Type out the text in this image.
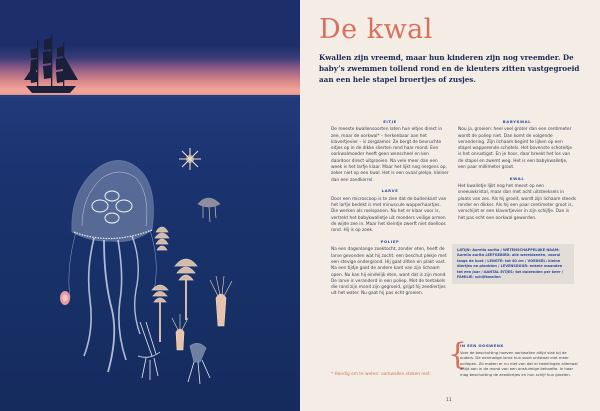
De kwal

Kwallen zijn vreemd, maar hun kinderen zijn nog vreemder. De baby’s zwemmen tollend rond en de kleuters zitten vastgegroeid aan een hele stapel broertjes of zusjes.

EITJE

De meeste kwallensoorten laten hun eitjes direct in zee, maar de oorkwal* – herkenbaar aan het klavertjevier – is zorgzamer. Ze bergt de bevruchte eitjes op in de dikke slierten rond haar mond. Een oorkwalmoeder heeft geen wenscheel en ken daardoor direct uitgroeien. Na vele meer dan een week is het larfje klaar. Maar het lijkt nog nergens op, zeker niet op een kwal. Het is een ovaal plekje, kleiner dan een zandkorrel.

LARVE

Door een microscoop is te zien dat de buitenkant van het larfje bedekt is met minuscule wapperhaartjes. Die werken als roeispanen. Nu het er klaar voor is, vertrekt het babykwalletje uit moeders veilige armen de wijde zee in. Maar het kleintje zwerft niet doelloos rond. Hij is op zoek.

POLIEP

Na een dagenlange zoektocht, zonder eten, heeft de larve gevonden wat hij zocht: een beschut plekje met een stevige ondergrond. Hij gaat zitten en plakt vast. Na een tijdje gaat de andere kant van zijn lichaam open. Nu kan hij eindelijk eten, want dat is zijn mond. De larve is veranderd in een poliep. Met de tentakels die rond zijn mond zijn gegroeid, grijpt hij zeediertjes uit het water. Nu gaat hij pas echt groeien.

BABYKWAL

Nou ja, groeien: heel veel groter dan een centimeter wordt de poliep niet. Dan komt de volgende verandering. Zijn lichaam begint te lijken op een stapel wapperende schotels. Het bovenste schoteltje is het onrustigst. En je hoor, daar breekt het los van de stapel en zwemt weg. Het is een babykwalletje, een paar millimeter groot.

KWAL

Het kwalletje lijkt nog het meest op een sneeuwkristal, maar dan met acht uitsteeksels in plaats van zes. Als hij groeit, wordt zijn lichaam steeds ronder en dikker. Als hij een paar centimeter groot is, verschijnt er een klavertjevier in zijn schijfje. Dan is het pas echt een oorkwal geworden.

LATIJN: Aurelia aurita / WETENSCHAPPELIJKE NAAM: Aurelia aurita LEEFGEBIED: alle wereldzeeën, vooral langs de kust / LENGTE: tot 40 cm / VOEDSEL: kleine diertjes en plankton / LEVENSDUUR: enkele maanden tot een jaar / AANTAL EITJES: tot duizenden per keer / FAMILIE: schijfkwallen

{
IN EEN OOGWENK

Voor de beschutting hoeven oorkwallen altijd vlak bij de ouders. De eenmalige larve hun soort ontstaat met meer poliepen. Zo maken er nu niet van dat er tweelingen allemaal altijd aan in de mond van een onstuimige behoefte. In haar mag beschutting de zeediertjes en hun schijf hun groeien.

* Handig om te weten: oorkwallen steken niet.
11
